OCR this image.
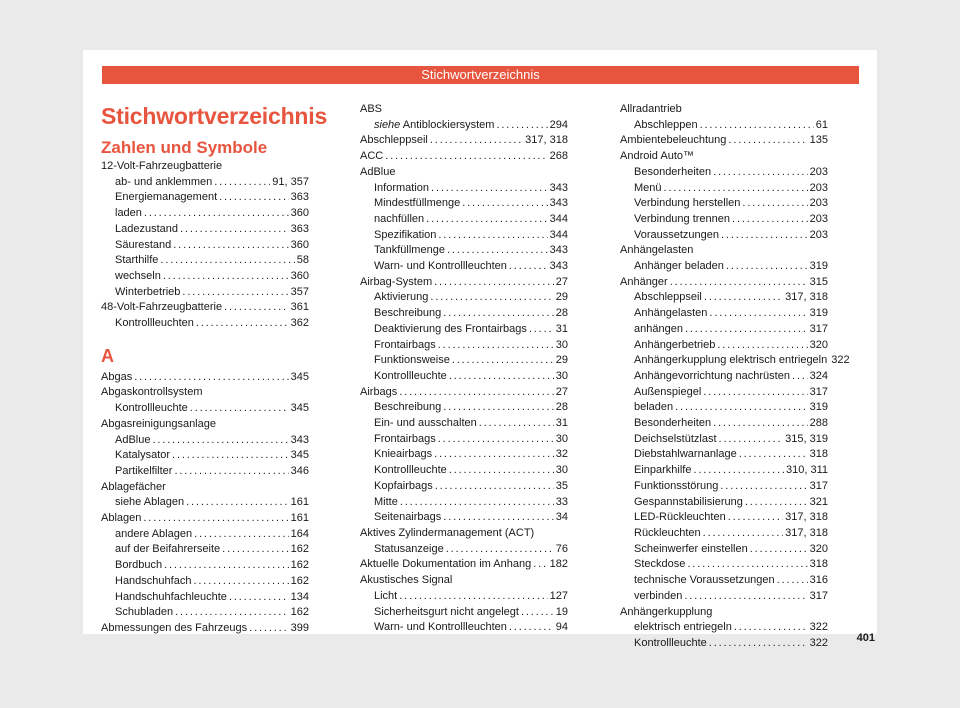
Stichwortverzeichnis
Stichwortverzeichnis
Zahlen und Symbole
12-Volt-Fahrzeugbatterie
ab- und anklemmen . . .	91, 357
Energiemanagement . . .	363
laden . . .	360
Ladezustand . . .	363
Säurestand . . .	360
Starthilfe . . .	58
wechseln . . .	360
Winterbetrieb . . .	357
48-Volt-Fahrzeugbatterie . . .	361
Kontrollleuchten . . .	362
A
Abgas . . .	345
Abgaskontrollsystem
Kontrollleuchte . . .	345
Abgasreinigungsanlage
AdBlue . . .	343
Katalysator . . .	345
Partikelfilter . . .	346
Ablagefächer
siehe Ablagen . . .	161
Ablagen . . .	161
andere Ablagen . . .	164
auf der Beifahrerseite . . .	162
Bordbuch . . .	162
Handschuhfach . . .	162
Handschuhfachleuchte . . .	134
Schubladen . . .	162
Abmessungen des Fahrzeugs . . .	399
ABS
siehe Antiblockiersystem . . .	294
Abschleppseil . . .	317, 318
ACC . . .	268
AdBlue
Information . . .	343
Mindestfüllmenge . . .	343
nachfüllen . . .	344
Spezifikation . . .	344
Tankfüllmenge . . .	343
Warn- und Kontrollleuchten . . .	343
Airbag-System . . .	27
Aktivierung . . .	29
Beschreibung . . .	28
Deaktivierung des Frontairbags . . .	31
Frontairbags . . .	30
Funktionsweise . . .	29
Kontrollleuchte . . .	30
Airbags . . .	27
Beschreibung . . .	28
Ein- und ausschalten . . .	31
Frontairbags . . .	30
Knieairbags . . .	32
Kontrollleuchte . . .	30
Kopfairbags . . .	35
Mitte . . .	33
Seitenairbags . . .	34
Aktives Zylindermanagement (ACT)
Statusanzeige . . .	76
Aktuelle Dokumentation im Anhang . . . 182
Akustisches Signal
Licht . . .	127
Sicherheitsgurt nicht angelegt . . .	19
Warn- und Kontrollleuchten . . .	94
Allradantrieb
Abschleppen . . .	61
Ambientebeleuchtung . . .	135
Android Auto™
Besonderheiten . . .	203
Menü . . .	203
Verbindung herstellen . . .	203
Verbindung trennen . . .	203
Voraussetzungen . . .	203
Anhängelasten
Anhänger beladen . . .	319
Anhänger . . .	315
Abschleppseil . . .	317, 318
Anhängelasten . . .	319
anhängen . . .	317
Anhängerbetrieb . . .	320
Anhängerkupplung elektrisch entriegeln 322
Anhängevorrichtung nachrüsten . . . 324
Außenspiegel . . .	317
beladen . . .	319
Besonderheiten . . .	288
Deichselstützlast . . .	315, 319
Diebstahlwarnanlage . . .	318
Einparkhilfe . . .	310, 311
Funktionsstörung . . .	317
Gespannstabilisierung . . .	321
LED-Rückleuchten . . .	317, 318
Rückleuchten . . .	317, 318
Scheinwerfer einstellen . . .	320
Steckdose . . .	318
technische Voraussetzungen . . .	316
verbinden . . .	317
Anhängerkupplung
elektrisch entriegeln . . .	322
Kontrollleuchte . . .	322	401
